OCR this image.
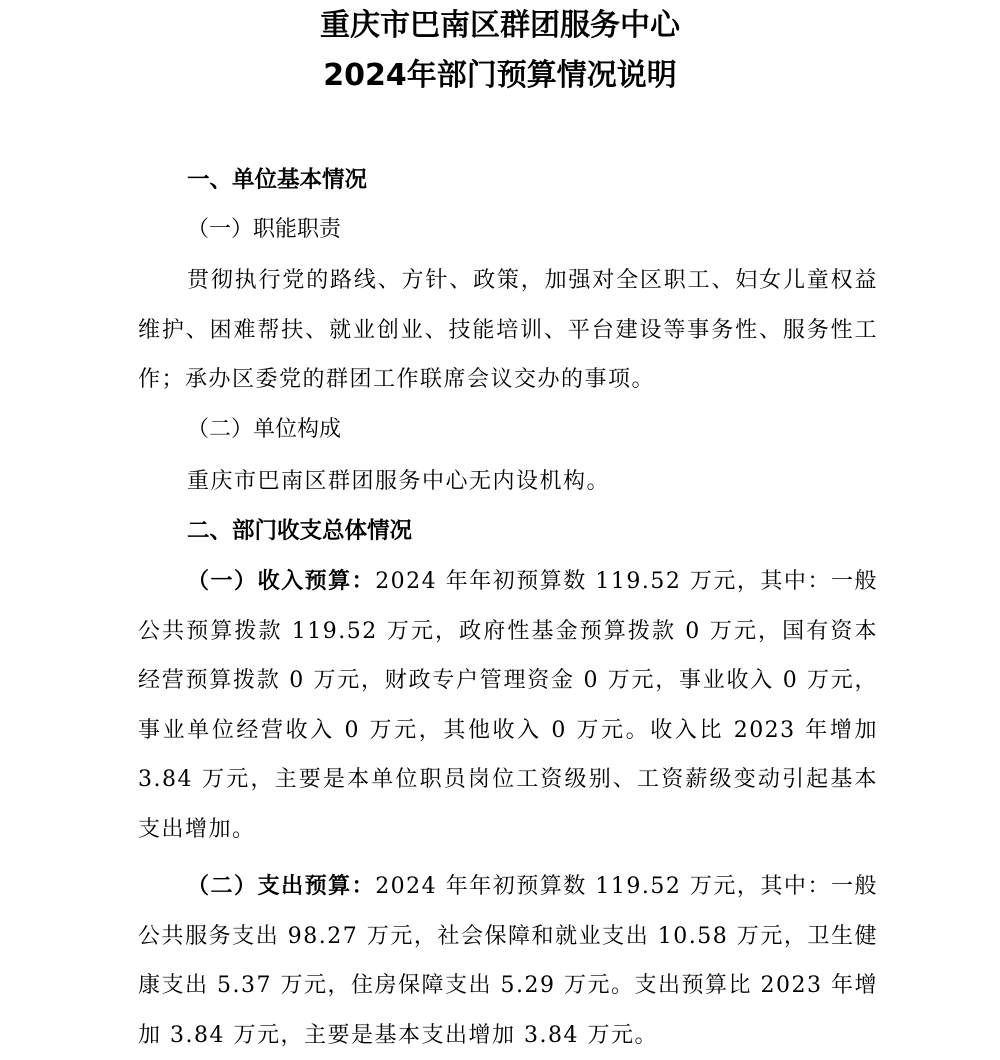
重庆市巴南区群团服务中心
2024年部门预算情况说明
一、单位基本情况
（一）职能职责

贯彻执行党的路线、方针、政策，加强对全区职工、妇女儿童权益维护、困难帮扶、就业创业、技能培训、平台建设等事务性、服务性工作；承办区委党的群团工作联席会议交办的事项。

（二）单位构成

重庆市巴南区群团服务中心无内设机构。

二、部门收支总体情况

（一）收入预算：2024 年年初预算数 119.52 万元，其中：一般公共预算拨款 119.52 万元，政府性基金预算拨款 0 万元，国有资本经营预算拨款 0 万元，财政专户管理资金 0 万元，事业收入 0 万元，事业单位经营收入 0 万元，其他收入 0 万元。收入比 2023 年增加 3.84 万元，主要是本单位职员岗位工资级别、工资薪级变动引起基本支出增加。

（二）支出预算：2024 年年初预算数 119.52 万元，其中：一般公共服务支出 98.27 万元，社会保障和就业支出 10.58 万元，卫生健康支出 5.37 万元，住房保障支出 5.29 万元。支出预算比 2023 年增加 3.84 万元，主要是基本支出增加 3.84 万元。
